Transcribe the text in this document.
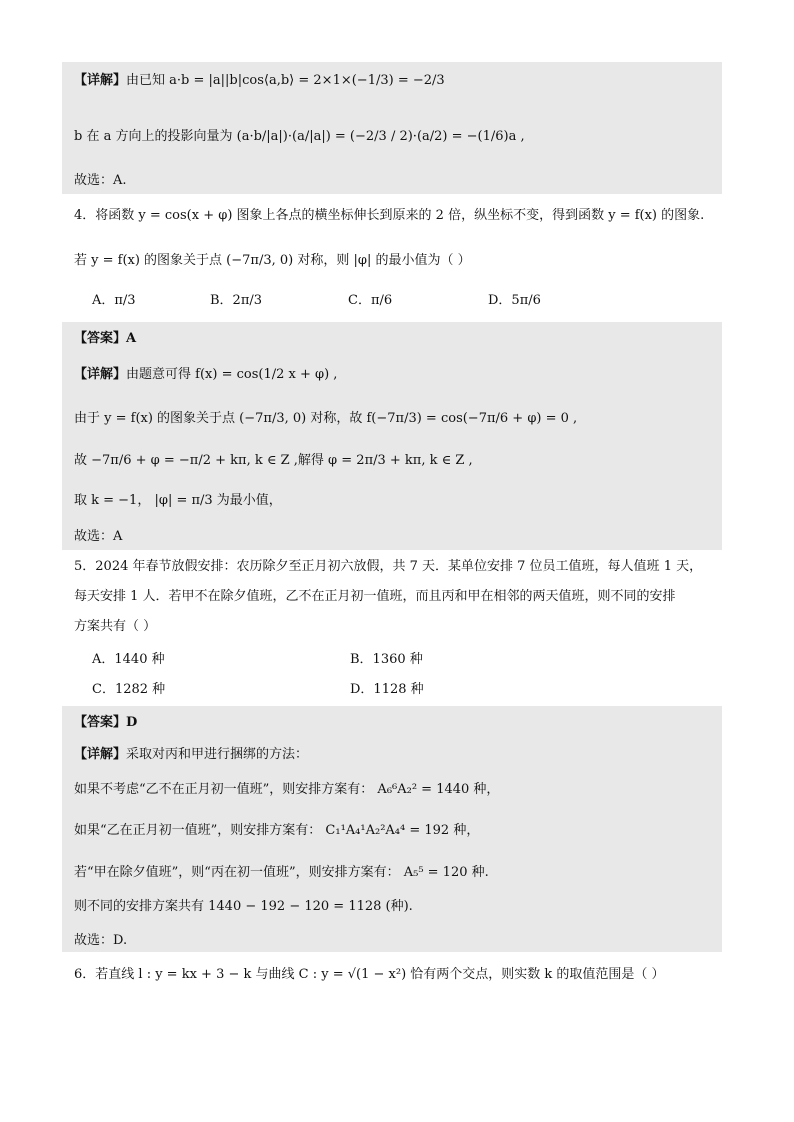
【详解】由已知 a·b = |a||b|cos⟨a,b⟩ = 2×1×(−1/3) = −2/3
b 在 a 方向上的投影向量为 (a·b/|a|)·(a/|a|) = (−2/3 / 2)·(a/2) = −(1/6)a ,
故选：A.
4．将函数 y = cos(x + φ) 图象上各点的横坐标伸长到原来的 2 倍，纵坐标不变，得到函数 y = f(x) 的图象.
若 y = f(x) 的图象关于点 (−7π/3, 0) 对称，则 |φ| 的最小值为（ ）
A．π/3	B．2π/3	C．π/6	D．5π/6
【答案】A
【详解】由题意可得 f(x) = cos(1/2 x + φ) ,
由于 y = f(x) 的图象关于点 (−7π/3, 0) 对称，故 f(−7π/3) = cos(−7π/6 + φ) = 0 ,
故 −7π/6 + φ = −π/2 + kπ, k ∈ Z ,解得 φ = 2π/3 + kπ, k ∈ Z ,
取 k = −1， |φ| = π/3 为最小值，
故选：A
5．2024 年春节放假安排：农历除夕至正月初六放假，共 7 天．某单位安排 7 位员工值班，每人值班 1 天，
每天安排 1 人．若甲不在除夕值班，乙不在正月初一值班，而且丙和甲在相邻的两天值班，则不同的安排
方案共有（ ）
A．1440 种	B．1360 种
C．1282 种	D．1128 种
【答案】D
【详解】采取对丙和甲进行捆绑的方法：
如果不考虑“乙不在正月初一值班”，则安排方案有： A₆⁶A₂² = 1440 种，
如果“乙在正月初一值班”，则安排方案有： C₁¹A₄¹A₂²A₄⁴ = 192 种，
若“甲在除夕值班”，则“丙在初一值班”，则安排方案有： A₅⁵ = 120 种.
则不同的安排方案共有 1440 − 192 − 120 = 1128 (种).
故选：D.
6．若直线 l : y = kx + 3 − k 与曲线 C : y = √(1 − x²) 恰有两个交点，则实数 k 的取值范围是（ ）
